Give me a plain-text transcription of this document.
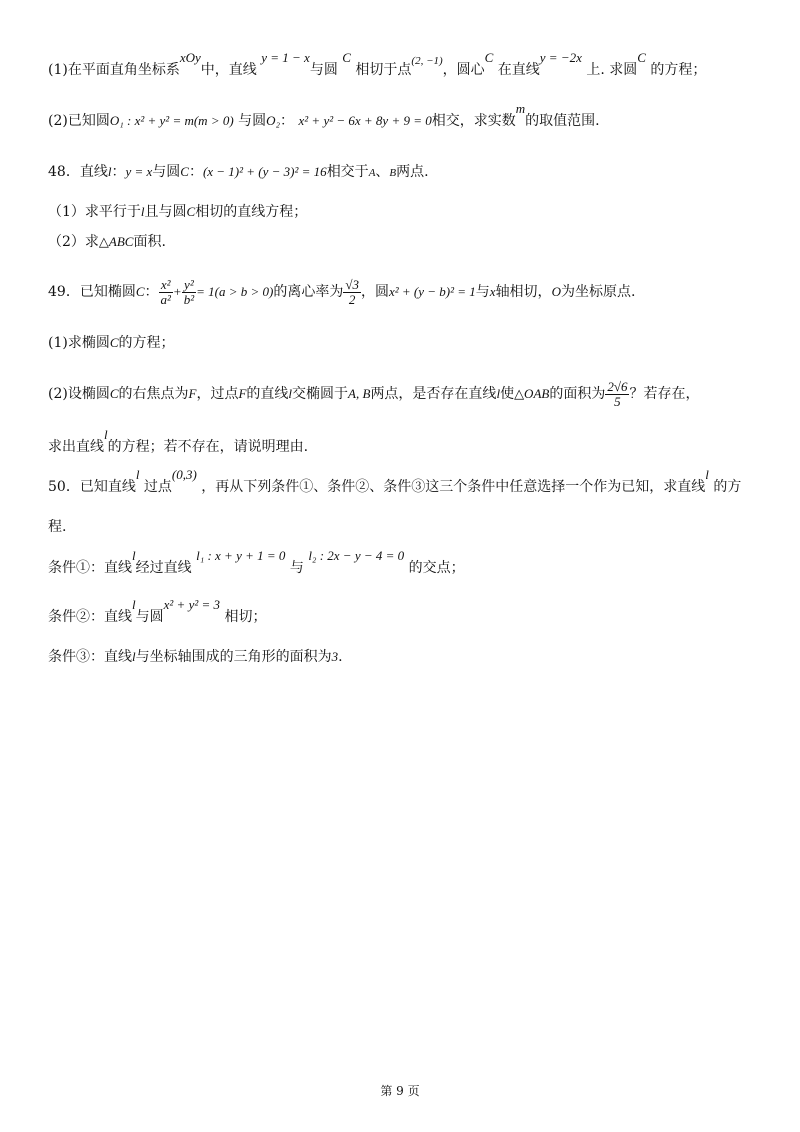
(1)在平面直角坐标系xOy中，直线 y = 1 − x与圆 C 相切于点$^{(2, -1)}$，圆心C 在直线y = −2x 上. 求圆C 的方程；
(2)已知圆O₁ : x² + y² = m(m > 0) 与圆O₂： x² + y² − 6x + 8y + 9 = 0相交，求实数m的取值范围.
48．直线l：y = x与圆C：(x − 1)² + (y − 3)² = 16相交于A、B两点.
（1）求平行于l且与圆C相切的直线方程；
（2）求△ABC面积.
49．已知椭圆C： $\frac{\text{x²}}{\text{a²}} + \frac{\text{y²}}{\text{b²}} = 1(a > b > 0)$的离心率为 $\frac{√3}{2}$ ，圆x² + (y − b)² = 1与x轴相切，O为坐标原点.
(1)求椭圆C的方程；
(2)设椭圆C的右焦点为F，过点F的直线l交椭圆于A, B两点，是否存在直线l使△OAB的面积为 $\frac{2√6}{5}$ ？若存在，
求出直线l的方程；若不存在，请说明理由.
50．已知直线l 过点(0,3) ，再从下列条件①、条件②、条件③这三个条件中任意选择一个作为已知，求直线l 的方
程.
条件①：直线l经过直线 l₁ : x + y + 1 = 0 与 l₂ : 2x − y − 4 = 0 的交点；
条件②：直线l与圆x² + y² = 3 相切；
条件③：直线l与坐标轴围成的三角形的面积为3.
第 9 页
